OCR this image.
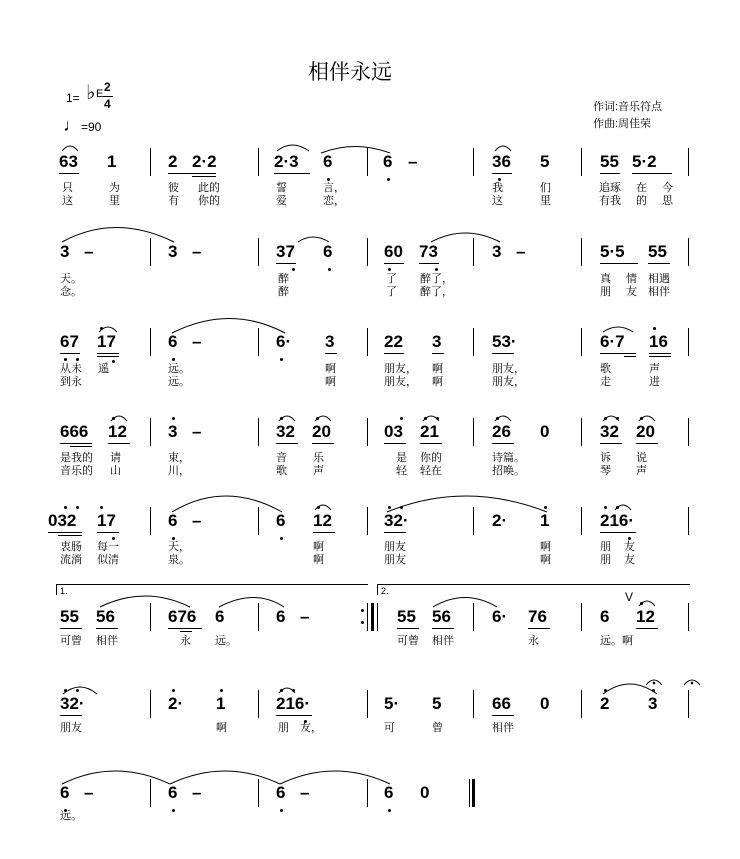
相伴永远
1= ♭ E 2
4
♩=90
作词:音乐符点
作曲:周佳荣
63 1	2 2·2	2·3 6	6 –	36 5	55 5·2
只	为	彼 此的	誓	言，	我	们	追琢 在 今
这	里	有 你的	爱	恋，	这	里	有我 的 思
3 –	3 –	37 6	60 73	3 –	5·5 55
天。	醉	了 醉了，	真 情 相遇
念。	醉	了 醉了，	朋 友 相伴
67 17	6 –	6· 3	22 3	53·	6·7 16
从未 遥	远。	啊	朋友， 啊	朋友，	歌	声
到永	远。	啊	朋友， 啊	朋友，	走	进
666 12 3 –	32 20	03 21	26 0	32 20
是我的 请	束，	音 乐	是 你的	诗篇。	诉 说
音乐的 山	川，	歌 声	轻 轻在	招唤。	琴 声
032 17	6 –	6 12	32·	2· 1	216·
衷肠 每一	天，	啊	朋友	啊	朋 友
流淌 似清	泉。	啊	朋友	啊	朋 友
1.	2.	V
55 56	676 6	6 –	55 56 6· 76	6 12
可曾 相伴	永 远。	可曾 相伴	永	远。啊
32·	2· 1	216·	5· 5	66 0	2 3
朋友	啊	朋 友，	可	曾	相伴
6 –	6 –	6 –	6 0
远。
